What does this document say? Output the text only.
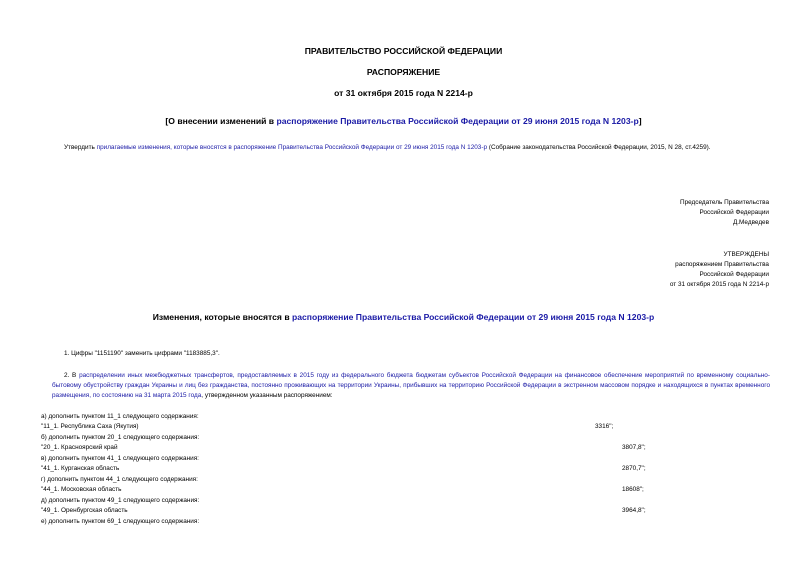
ПРАВИТЕЛЬСТВО РОССИЙСКОЙ ФЕДЕРАЦИИ
РАСПОРЯЖЕНИЕ
от 31 октября 2015 года N 2214-р
[О внесении изменений в распоряжение Правительства Российской Федерации от 29 июня 2015 года N 1203-р]
Утвердить прилагаемые изменения, которые вносятся в распоряжение Правительства Российской Федерации от 29 июня 2015 года N 1203-р (Собрание законодательства Российской Федерации, 2015, N 28, ст.4259).
Председатель Правительства
Российской Федерации
Д.Медведев
УТВЕРЖДЕНЫ
распоряжением Правительства
Российской Федерации
от 31 октября 2015 года N 2214-р
Изменения, которые вносятся в распоряжение Правительства Российской Федерации от 29 июня 2015 года N 1203-р
1. Цифры "1151190" заменить цифрами "1183885,3".
2. В распределении иных межбюджетных трансфертов, предоставляемых в 2015 году из федерального бюджета бюджетам субъектов Российской Федерации на финансовое обеспечение мероприятий по временному социально-бытовому обустройству граждан Украины и лиц без гражданства, постоянно проживающих на территории Украины, прибывших на территорию Российской Федерации в экстренном массовом порядке и находящихся в пунктах временного размещения, по состоянию на 31 марта 2015 года, утвержденном указанным распоряжением:
а) дополнить пунктом 11_1 следующего содержания:
"11_1. Республика Саха (Якутия)	3316";
б) дополнить пунктом 20_1 следующего содержания:
"20_1. Красноярский край	3807,8";
в) дополнить пунктом 41_1 следующего содержания:
"41_1. Курганская область	2870,7";
г) дополнить пунктом 44_1 следующего содержания:
"44_1. Московская область	18608";
д) дополнить пунктом 49_1 следующего содержания:
"49_1. Оренбургская область	3964,8";
е) дополнить пунктом 69_1 следующего содержания:
